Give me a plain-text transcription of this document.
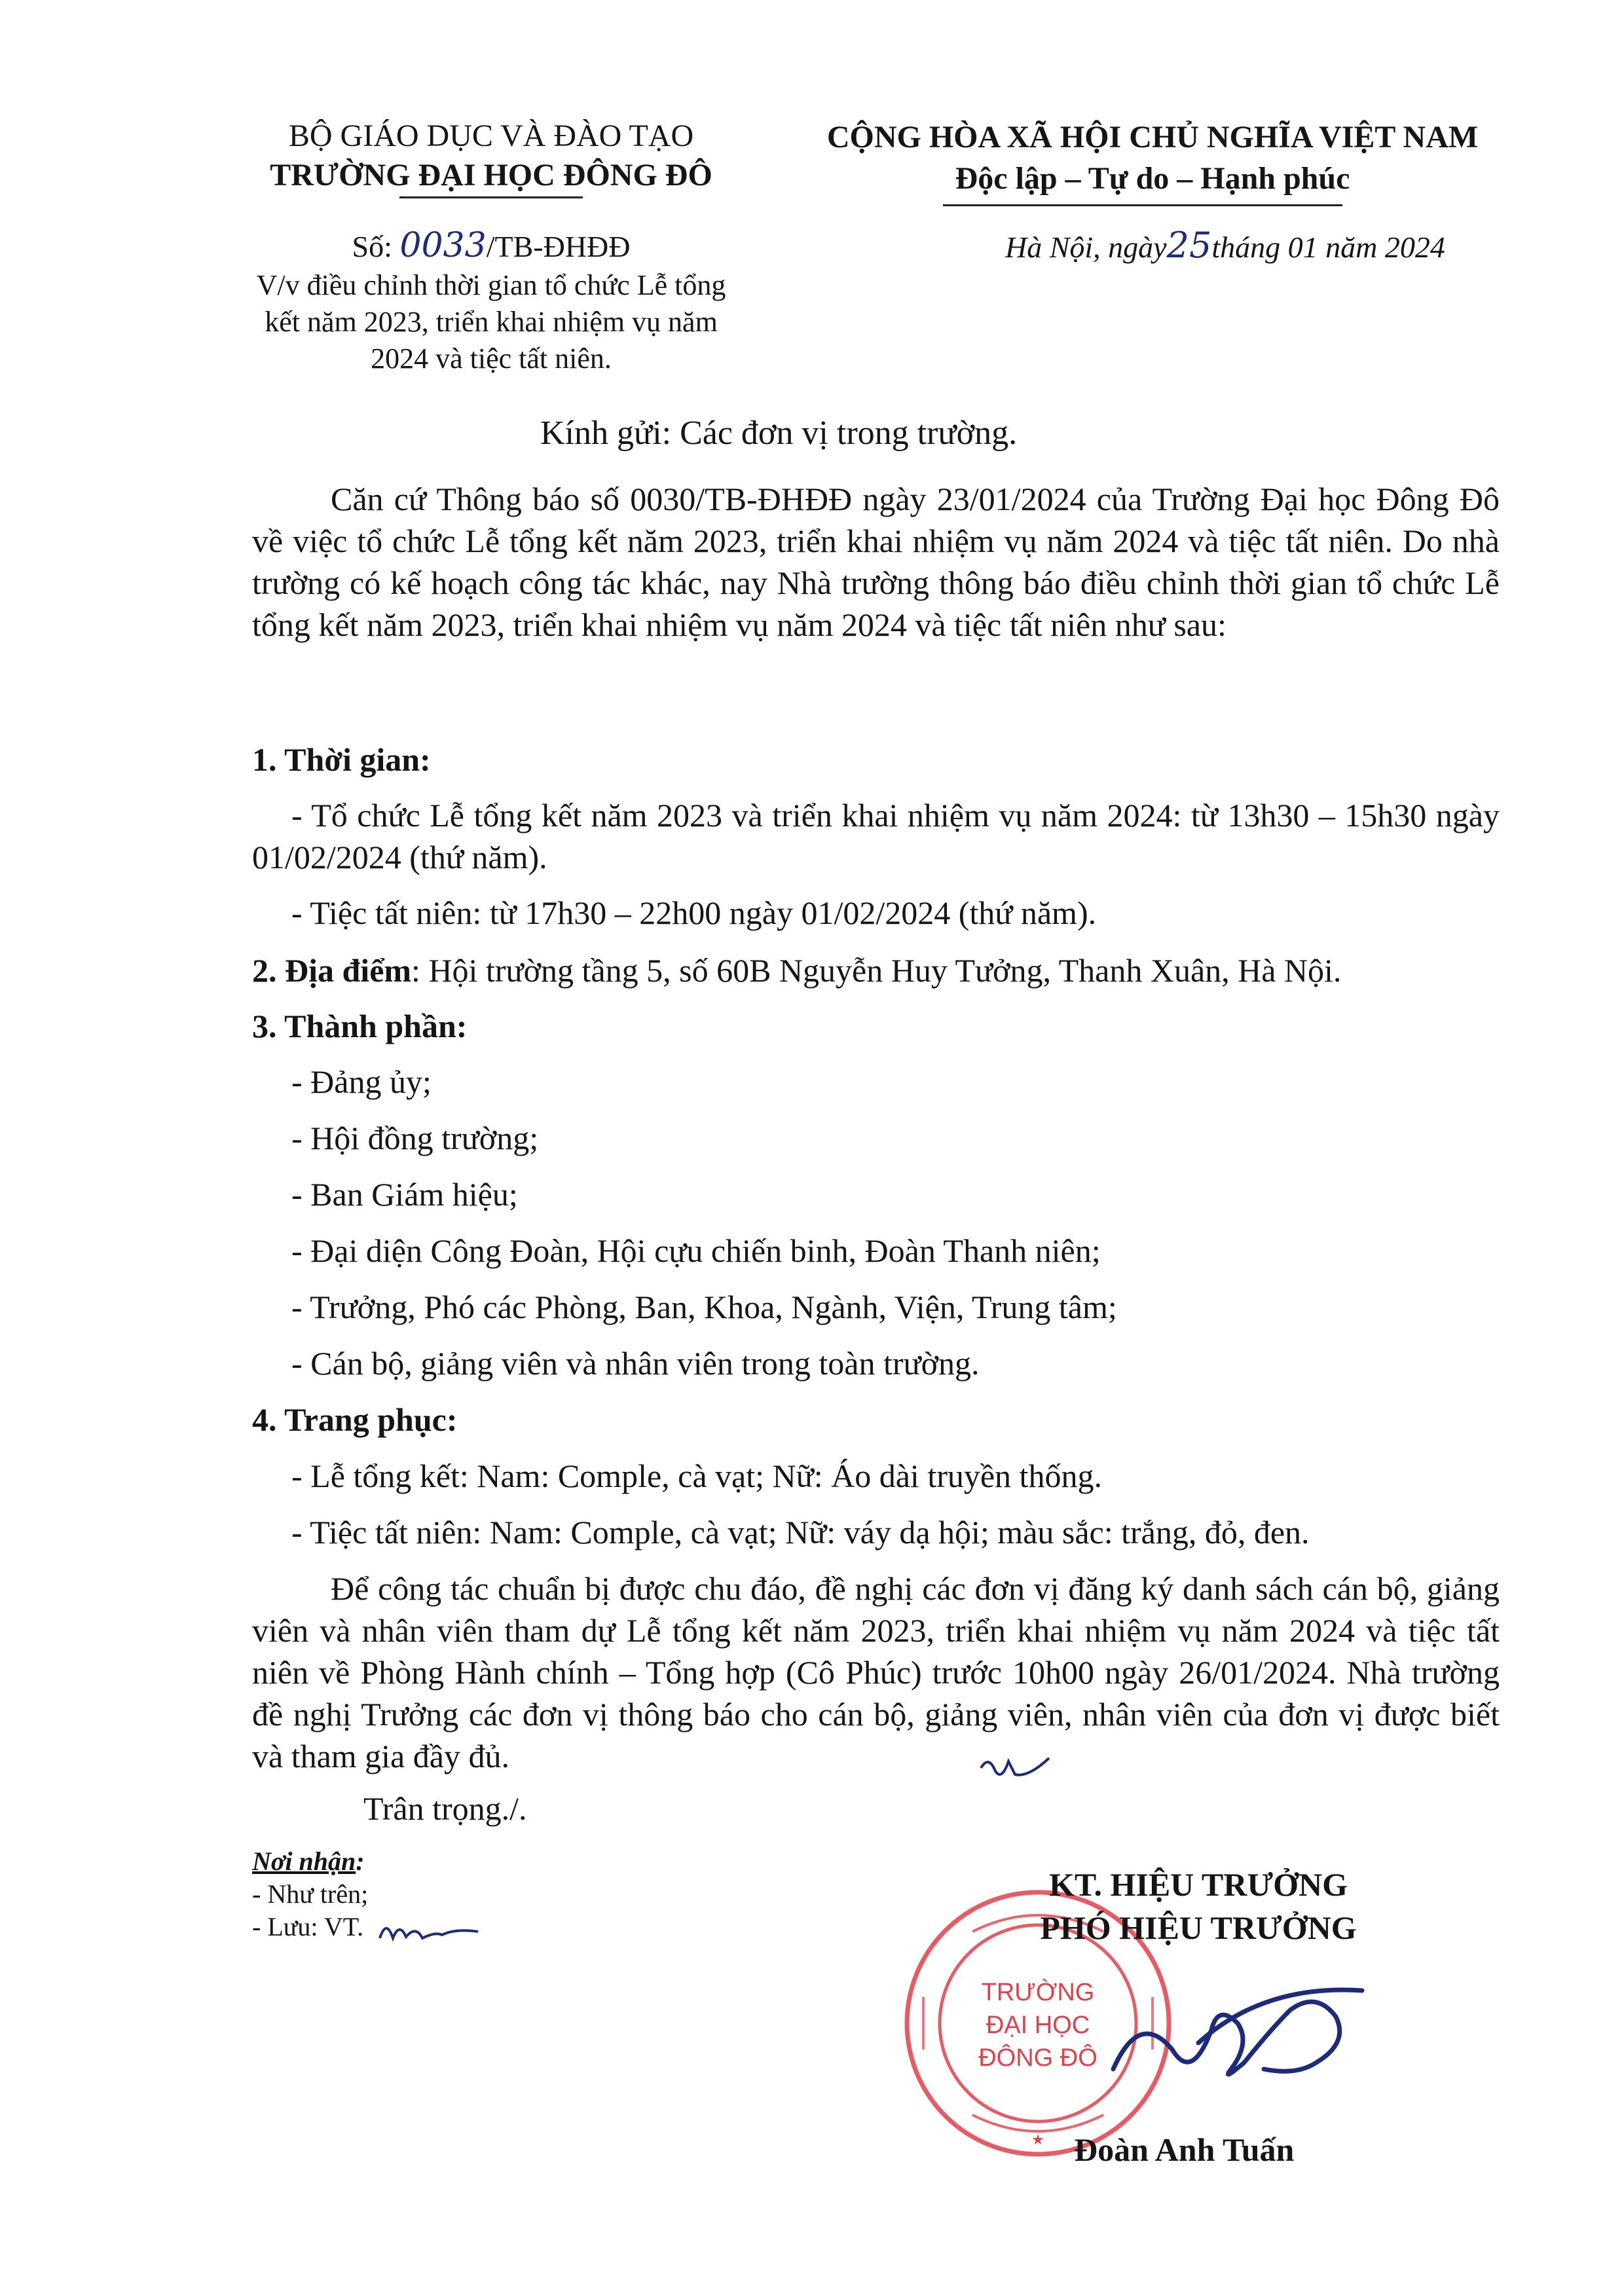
BỘ GIÁO DỤC VÀ ĐÀO TẠO
TRƯỜNG ĐẠI HỌC ĐÔNG ĐÔ
Số: 0033/TB-ĐHĐĐ
V/v điều chỉnh thời gian tổ chức Lễ tổng
kết năm 2023, triển khai nhiệm vụ năm
2024 và tiệc tất niên.
CỘNG HÒA XÃ HỘI CHỦ NGHĨA VIỆT NAM
Độc lập – Tự do – Hạnh phúc
Hà Nội, ngày25tháng 01 năm 2024
Kính gửi: Các đơn vị trong trường.
Căn cứ Thông báo số 0030/TB-ĐHĐĐ ngày 23/01/2024 của Trường Đại học Đông Đô về việc tổ chức Lễ tổng kết năm 2023, triển khai nhiệm vụ năm 2024 và tiệc tất niên. Do nhà trường có kế hoạch công tác khác, nay Nhà trường thông báo điều chỉnh thời gian tổ chức Lễ tổng kết năm 2023, triển khai nhiệm vụ năm 2024 và tiệc tất niên như sau:
1. Thời gian:
- Tổ chức Lễ tổng kết năm 2023 và triển khai nhiệm vụ năm 2024: từ 13h30 – 15h30 ngày 01/02/2024 (thứ năm).
- Tiệc tất niên: từ 17h30 – 22h00 ngày 01/02/2024 (thứ năm).
2. Địa điểm: Hội trường tầng 5, số 60B Nguyễn Huy Tưởng, Thanh Xuân, Hà Nội.
3. Thành phần:
- Đảng ủy;
- Hội đồng trường;
- Ban Giám hiệu;
- Đại diện Công Đoàn, Hội cựu chiến binh, Đoàn Thanh niên;
- Trưởng, Phó các Phòng, Ban, Khoa, Ngành, Viện, Trung tâm;
- Cán bộ, giảng viên và nhân viên trong toàn trường.
4. Trang phục:
- Lễ tổng kết: Nam: Comple, cà vạt; Nữ: Áo dài truyền thống.
- Tiệc tất niên: Nam: Comple, cà vạt; Nữ: váy dạ hội; màu sắc: trắng, đỏ, đen.
Để công tác chuẩn bị được chu đáo, đề nghị các đơn vị đăng ký danh sách cán bộ, giảng viên và nhân viên tham dự Lễ tổng kết năm 2023, triển khai nhiệm vụ năm 2024 và tiệc tất niên về Phòng Hành chính – Tổng hợp (Cô Phúc) trước 10h00 ngày 26/01/2024. Nhà trường đề nghị Trưởng các đơn vị thông báo cho cán bộ, giảng viên, nhân viên của đơn vị được biết và tham gia đầy đủ.
Trân trọng./.
Nơi nhận:
- Như trên;
- Lưu: VT.
TRƯỜNG
ĐẠI HỌC
ĐÔNG ĐÔ
★
KT. HIỆU TRƯỞNG
PHÓ HIỆU TRƯỞNG
Đoàn Anh Tuấn
